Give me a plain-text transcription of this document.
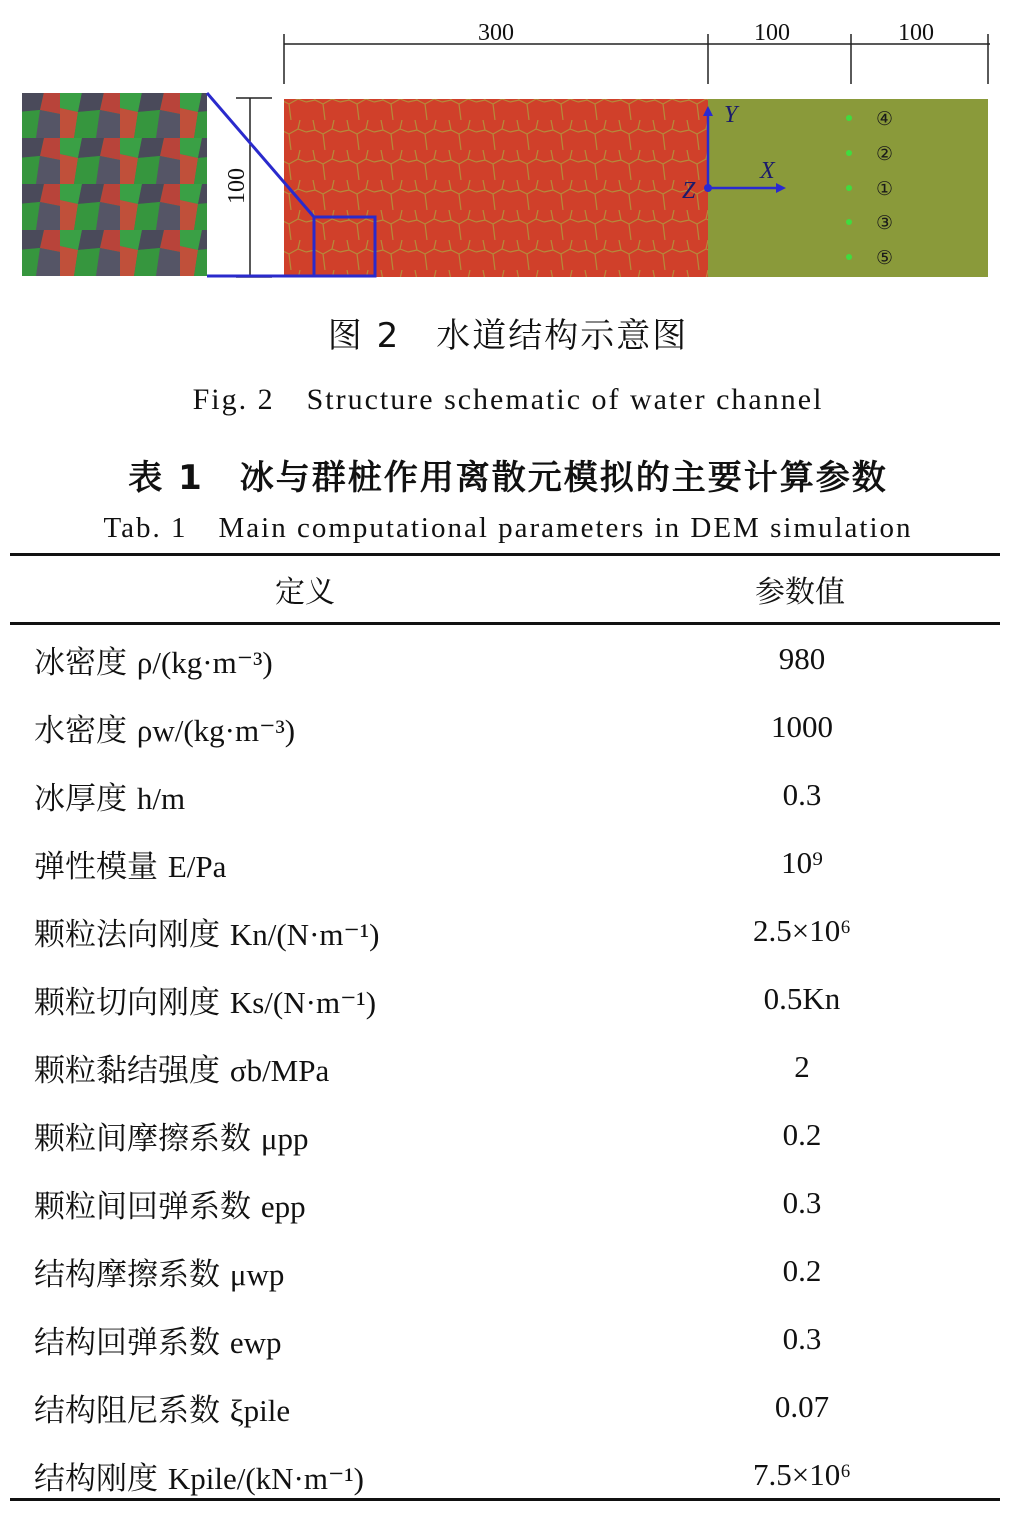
300	100	100
100
Y
X
Z
④
②
①
③
⑤
图 2　水道结构示意图
Fig. 2　Structure schematic of water channel
表 1　冰与群桩作用离散元模拟的主要计算参数
Tab. 1　Main computational parameters in DEM simulation
定义	参数值
冰密度 ρ/(kg·m⁻³)	980
水密度 ρw/(kg·m⁻³)	1000
冰厚度 h/m	0.3
弹性模量 E/Pa	10⁹
颗粒法向刚度 Kn/(N·m⁻¹)	2.5×10⁶
颗粒切向刚度 Ks/(N·m⁻¹)	0.5Kn
颗粒黏结强度 σb/MPa	2
颗粒间摩擦系数 μpp	0.2
颗粒间回弹系数 epp	0.3
结构摩擦系数 μwp	0.2
结构回弹系数 ewp	0.3
结构阻尼系数 ξpile	0.07
结构刚度 Kpile/(kN·m⁻¹)	7.5×10⁶
